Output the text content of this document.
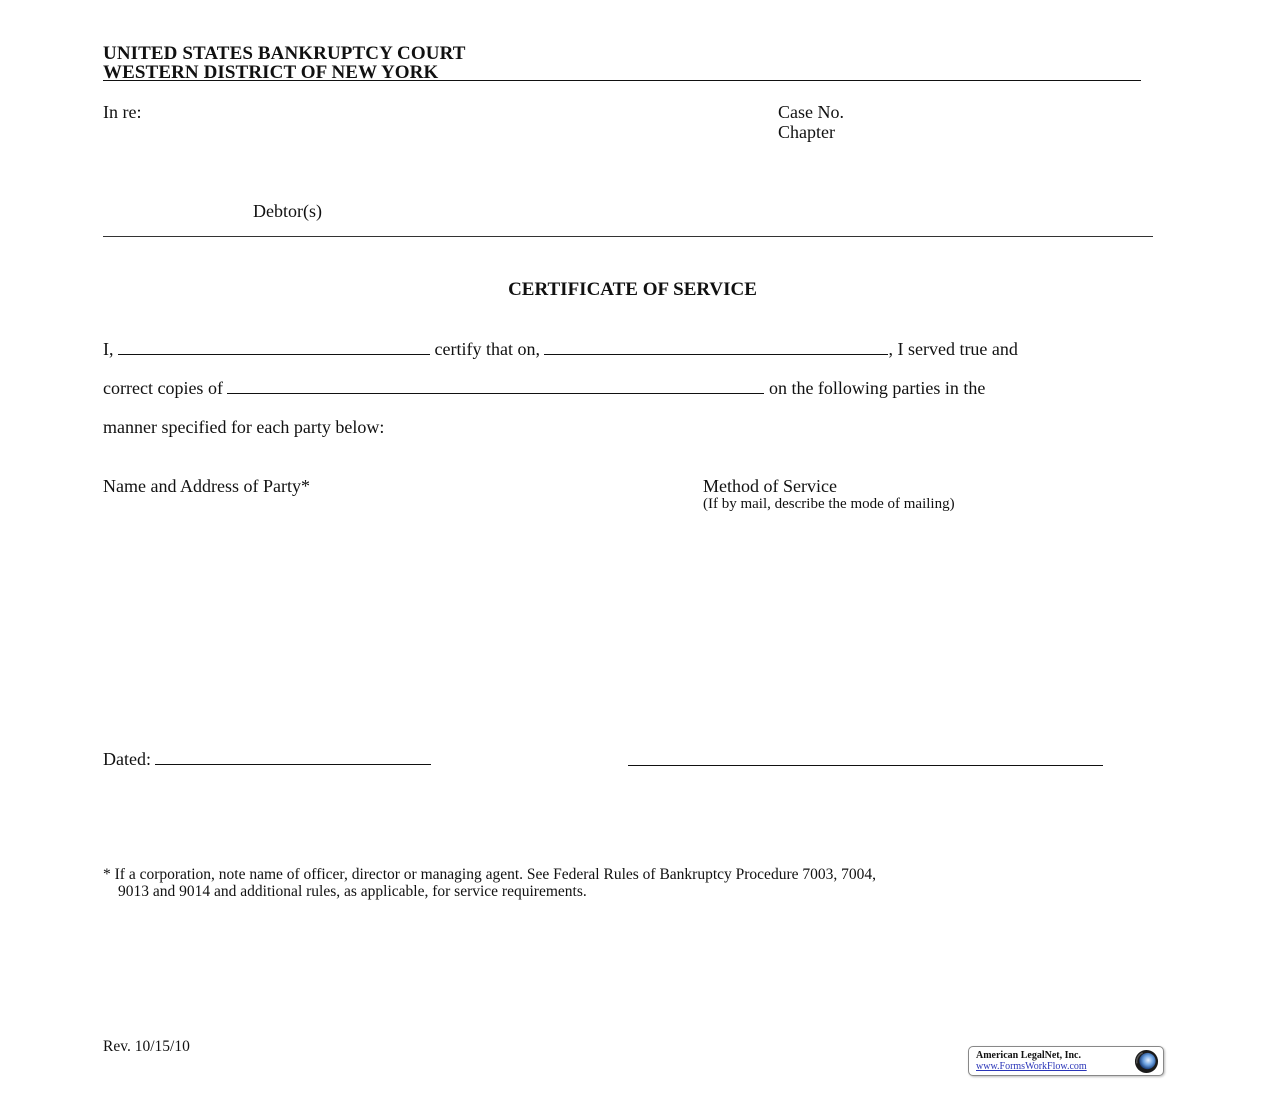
UNITED STATES BANKRUPTCY COURT
WESTERN DISTRICT OF NEW YORK
In re:	Case No.
Chapter
Debtor(s)
CERTIFICATE OF SERVICE
I,	certify that on,	, I served true and
correct copies of	on the following parties in the
manner specified for each party below:
Name and Address of Party*	Method of Service
(If by mail, describe the mode of mailing)
Dated:
* If a corporation, note name of officer, director or managing agent. See Federal Rules of Bankruptcy Procedure 7003, 7004,
9013 and 9014 and additional rules, as applicable, for service requirements.
Rev. 10/15/10
American LegalNet, Inc.
www.FormsWorkFlow.com
